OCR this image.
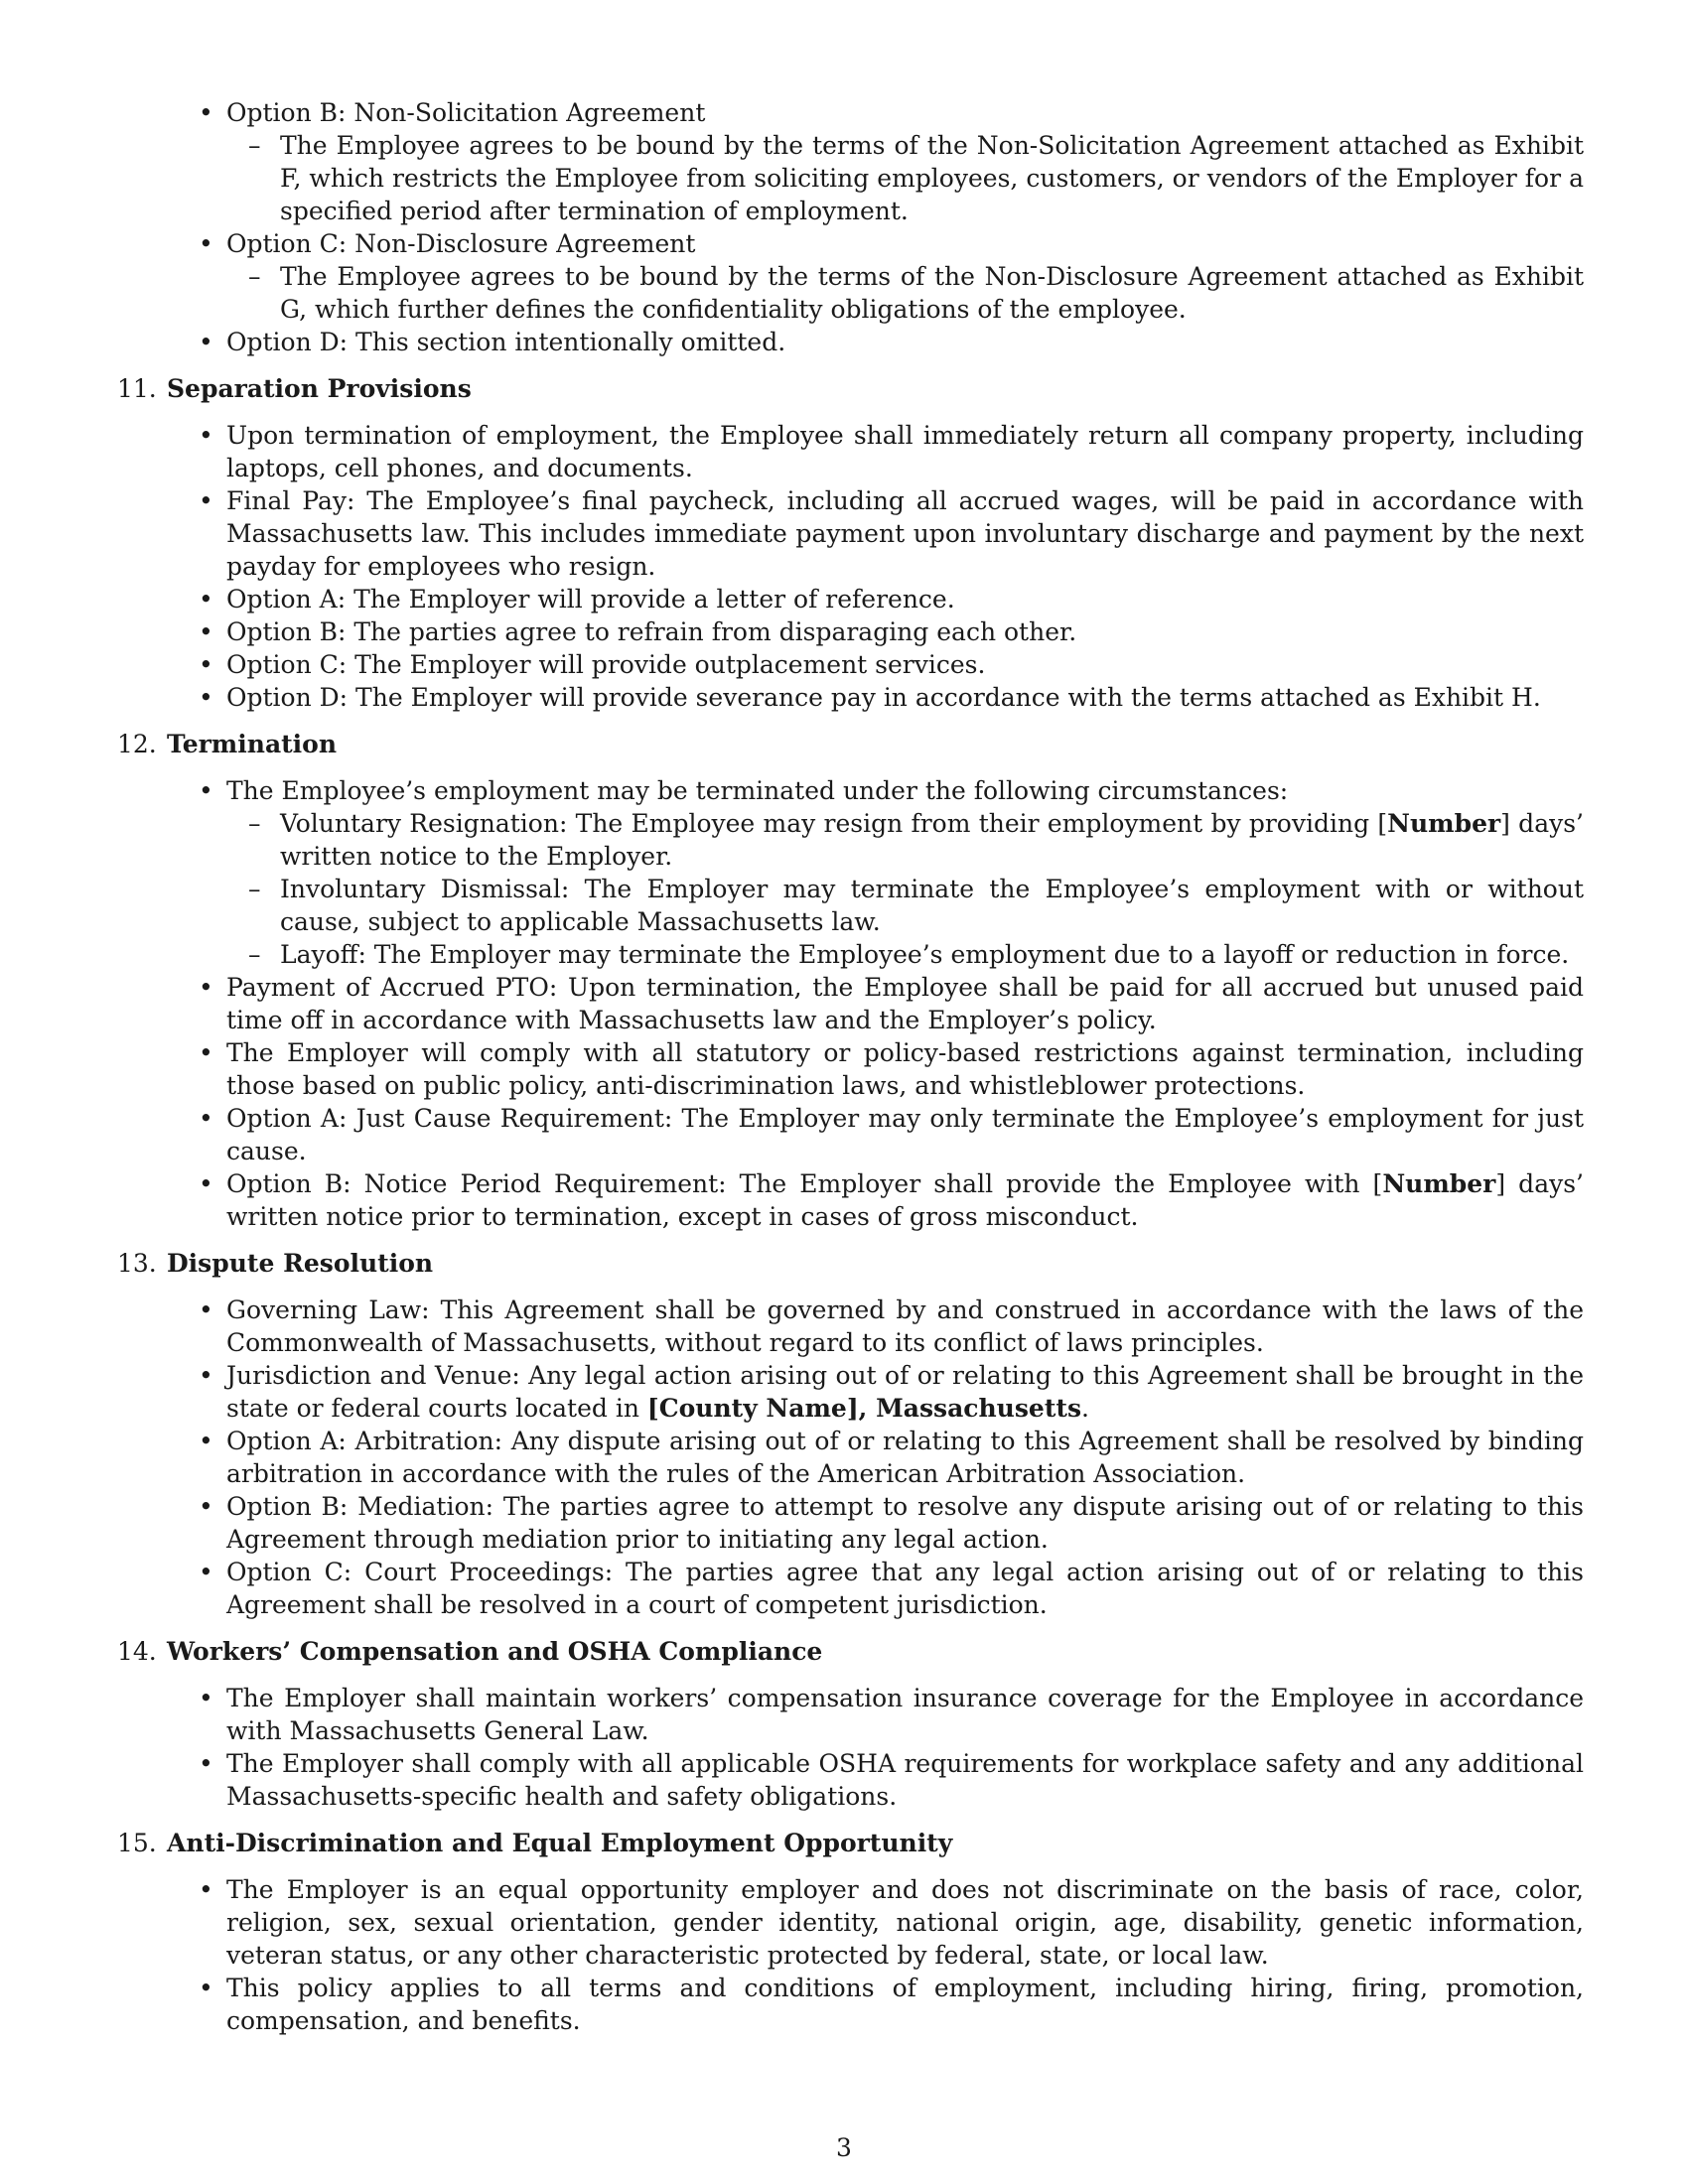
• Option B: Non-Solicitation Agreement
– The Employee agrees to be bound by the terms of the Non-Solicitation Agreement attached as Exhibit F, which restricts the Employee from soliciting employees, customers, or vendors of the Employer for a specified period after termination of employment.
• Option C: Non-Disclosure Agreement
– The Employee agrees to be bound by the terms of the Non-Disclosure Agreement attached as Exhibit G, which further defines the confidentiality obligations of the employee.
• Option D: This section intentionally omitted.
11. Separation Provisions
• Upon termination of employment, the Employee shall immediately return all company property, including laptops, cell phones, and documents.
• Final Pay: The Employee’s final paycheck, including all accrued wages, will be paid in accordance with Massachusetts law. This includes immediate payment upon involuntary discharge and payment by the next payday for employees who resign.
• Option A: The Employer will provide a letter of reference.
• Option B: The parties agree to refrain from disparaging each other.
• Option C: The Employer will provide outplacement services.
• Option D: The Employer will provide severance pay in accordance with the terms attached as Exhibit H.
12. Termination
• The Employee’s employment may be terminated under the following circumstances:
– Voluntary Resignation: The Employee may resign from their employment by providing [Number] days’ written notice to the Employer.
– Involuntary Dismissal: The Employer may terminate the Employee’s employment with or without cause, subject to applicable Massachusetts law.
– Layoff: The Employer may terminate the Employee’s employment due to a layoff or reduction in force.
• Payment of Accrued PTO: Upon termination, the Employee shall be paid for all accrued but unused paid time off in accordance with Massachusetts law and the Employer’s policy.
• The Employer will comply with all statutory or policy-based restrictions against termination, including those based on public policy, anti-discrimination laws, and whistleblower protections.
• Option A: Just Cause Requirement: The Employer may only terminate the Employee’s employment for just cause.
• Option B: Notice Period Requirement: The Employer shall provide the Employee with [Number] days’ written notice prior to termination, except in cases of gross misconduct.
13. Dispute Resolution
• Governing Law: This Agreement shall be governed by and construed in accordance with the laws of the Commonwealth of Massachusetts, without regard to its conflict of laws principles.
• Jurisdiction and Venue: Any legal action arising out of or relating to this Agreement shall be brought in the state or federal courts located in [County Name], Massachusetts.
• Option A: Arbitration: Any dispute arising out of or relating to this Agreement shall be resolved by binding arbitration in accordance with the rules of the American Arbitration Association.
• Option B: Mediation: The parties agree to attempt to resolve any dispute arising out of or relating to this Agreement through mediation prior to initiating any legal action.
• Option C: Court Proceedings: The parties agree that any legal action arising out of or relating to this Agreement shall be resolved in a court of competent jurisdiction.
14. Workers’ Compensation and OSHA Compliance
• The Employer shall maintain workers’ compensation insurance coverage for the Employee in accordance with Massachusetts General Law.
• The Employer shall comply with all applicable OSHA requirements for workplace safety and any additional Massachusetts-specific health and safety obligations.
15. Anti-Discrimination and Equal Employment Opportunity
• The Employer is an equal opportunity employer and does not discriminate on the basis of race, color, religion, sex, sexual orientation, gender identity, national origin, age, disability, genetic information, veteran status, or any other characteristic protected by federal, state, or local law.
• This policy applies to all terms and conditions of employment, including hiring, firing, promotion, compensation, and benefits.
3
